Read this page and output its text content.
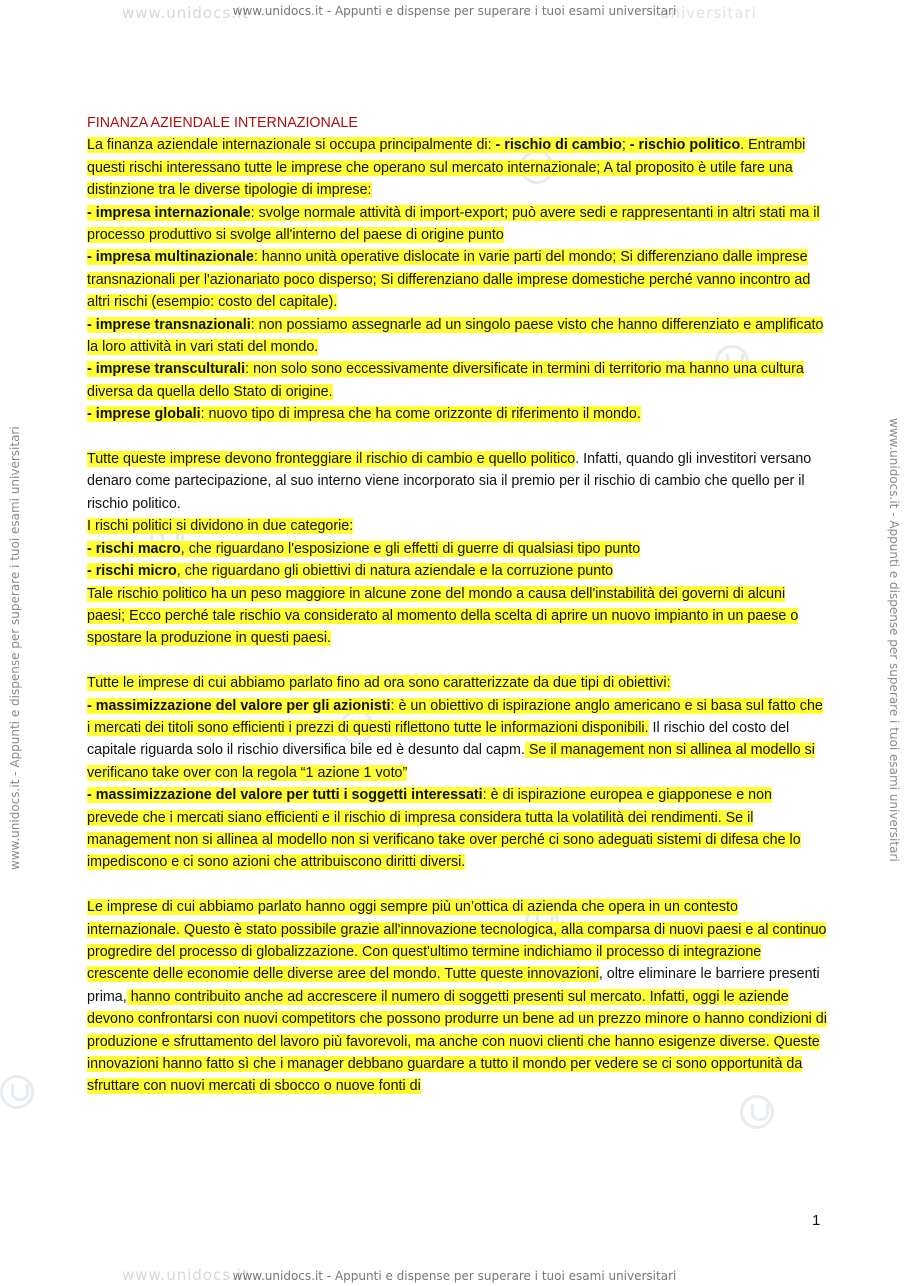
www.unidocs.it	universitari
www.unidocs.it
www.unidocs.it - Appunti e dispense per superare i tuoi esami universitari
www.unidocs.it - Appunti e dispense per superare i tuoi esami universitari
www.unidocs.it - Appunti e dispense per superare i tuoi esami universitari	www.unidocs.it - Appunti e dispense per superare i tuoi esami universitari

FINANZA AZIENDALE INTERNAZIONALE

La finanza aziendale internazionale si occupa principalmente di: - rischio di cambio; - rischio politico. Entrambi questi rischi interessano tutte le imprese che operano sul mercato internazionale; A tal proposito è utile fare una distinzione tra le diverse tipologie di imprese:

- impresa internazionale: svolge normale attività di import-export; può avere sedi e rappresentanti in altri stati ma il processo produttivo si svolge all'interno del paese di origine punto

- impresa multinazionale: hanno unità operative dislocate in varie parti del mondo; Si differenziano dalle imprese transnazionali per l'azionariato poco disperso; Si differenziano dalle imprese domestiche perché vanno incontro ad altri rischi (esempio: costo del capitale).

- imprese transnazionali: non possiamo assegnarle ad un singolo paese visto che hanno differenziato e amplificato la loro attività in vari stati del mondo.

- imprese transculturali: non solo sono eccessivamente diversificate in termini di territorio ma hanno una cultura diversa da quella dello Stato di origine.

- imprese globali: nuovo tipo di impresa che ha come orizzonte di riferimento il mondo.

Tutte queste imprese devono fronteggiare il rischio di cambio e quello politico. Infatti, quando gli investitori versano denaro come partecipazione, al suo interno viene incorporato sia il premio per il rischio di cambio che quello per il rischio politico.

I rischi politici si dividono in due categorie:

- rischi macro, che riguardano l'esposizione e gli effetti di guerre di qualsiasi tipo punto

- rischi micro, che riguardano gli obiettivi di natura aziendale e la corruzione punto

Tale rischio politico ha un peso maggiore in alcune zone del mondo a causa dell'instabilità dei governi di alcuni paesi; Ecco perché tale rischio va considerato al momento della scelta di aprire un nuovo impianto in un paese o spostare la produzione in questi paesi.

Tutte le imprese di cui abbiamo parlato fino ad ora sono caratterizzate da due tipi di obiettivi:

- massimizzazione del valore per gli azionisti: è un obiettivo di ispirazione anglo americano e si basa sul fatto che i mercati dei titoli sono efficienti i prezzi di questi riflettono tutte le informazioni disponibili. Il rischio del costo del capitale riguarda solo il rischio diversifica bile ed è desunto dal capm. Se il management non si allinea al modello si verificano take over con la regola “1 azione 1 voto”

- massimizzazione del valore per tutti i soggetti interessati: è di ispirazione europea e giapponese e non prevede che i mercati siano efficienti e il rischio di impresa considera tutta la volatilità dei rendimenti. Se il management non si allinea al modello non si verificano take over perché ci sono adeguati sistemi di difesa che lo impediscono e ci sono azioni che attribuiscono diritti diversi.

Le imprese di cui abbiamo parlato hanno oggi sempre più un’ottica di azienda che opera in un contesto internazionale. Questo è stato possibile grazie all'innovazione tecnologica, alla comparsa di nuovi paesi e al continuo progredire del processo di globalizzazione. Con quest'ultimo termine indichiamo il processo di integrazione crescente delle economie delle diverse aree del mondo. Tutte queste innovazioni, oltre eliminare le barriere presenti prima, hanno contribuito anche ad accrescere il numero di soggetti presenti sul mercato. Infatti, oggi le aziende devono confrontarsi con nuovi competitors che possono produrre un bene ad un prezzo minore o hanno condizioni di produzione e sfruttamento del lavoro più favorevoli, ma anche con nuovi clienti che hanno esigenze diverse. Queste innovazioni hanno fatto sì che i manager debbano guardare a tutto il mondo per vedere se ci sono opportunità da sfruttare con nuovi mercati di sbocco o nuove fonti di

1
